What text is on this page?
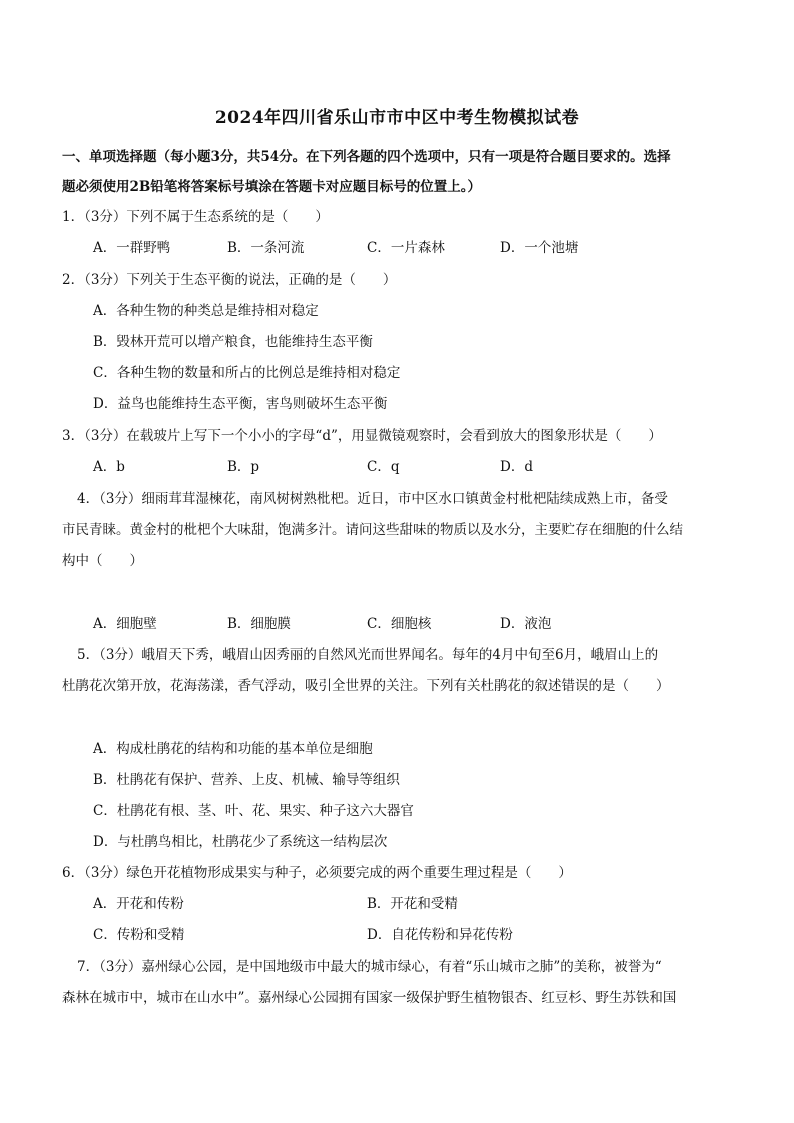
2024年四川省乐山市市中区中考生物模拟试卷
一、单项选择题（每小题3分，共54分。在下列各题的四个选项中，只有一项是符合题目要求的。选择
题必须使用2B铅笔将答案标号填涂在答题卡对应题目标号的位置上。）
1．（3分）下列不属于生态系统的是（　　）
A．一群野鸭	B．一条河流	C．一片森林	D．一个池塘
2．（3分）下列关于生态平衡的说法，正确的是（　　）
A．各种生物的种类总是维持相对稳定
B．毁林开荒可以增产粮食，也能维持生态平衡
C．各种生物的数量和所占的比例总是维持相对稳定
D．益鸟也能维持生态平衡，害鸟则破坏生态平衡
3．（3分）在载玻片上写下一个小小的字母“d”，用显微镜观察时，会看到放大的图象形状是（　　）
A．b	B．p	C．q	D．d
4．（3分）细雨茸茸湿楝花，南风树树熟枇杷。近日，市中区水口镇黄金村枇杷陆续成熟上市，备受
市民青睐。黄金村的枇杷个大味甜，饱满多汁。请问这些甜味的物质以及水分，主要贮存在细胞的什么结
构中（　　）
A．细胞壁	B．细胞膜	C．细胞核	D．液泡
5．（3分）峨眉天下秀，峨眉山因秀丽的自然风光而世界闻名。每年的4月中旬至6月，峨眉山上的
杜鹃花次第开放，花海荡漾，香气浮动，吸引全世界的关注。下列有关杜鹃花的叙述错误的是（　　）
A．构成杜鹃花的结构和功能的基本单位是细胞
B．杜鹃花有保护、营养、上皮、机械、输导等组织
C．杜鹃花有根、茎、叶、花、果实、种子这六大器官
D．与杜鹃鸟相比，杜鹃花少了系统这一结构层次
6．（3分）绿色开花植物形成果实与种子，必须要完成的两个重要生理过程是（　　）
A．开花和传粉	B．开花和受精
C．传粉和受精	D．自花传粉和异花传粉
7．（3分）嘉州绿心公园，是中国地级市中最大的城市绿心，有着“乐山城市之肺”的美称，被誉为“
森林在城市中，城市在山水中”。嘉州绿心公园拥有国家一级保护野生植物银杏、红豆杉、野生苏铁和国
